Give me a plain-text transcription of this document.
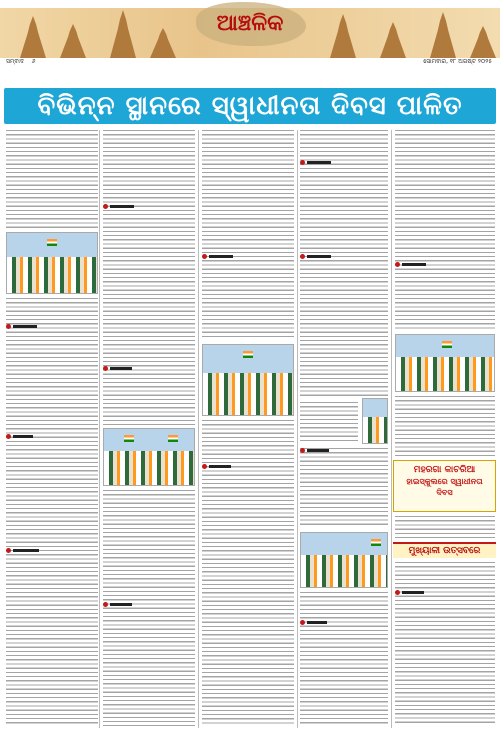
ଆଞ୍ଚଳିକ
ସମ୍ବାଦ ୬	ସୋମବାର, ୧୮ ଅଗଷ୍ଟ ୨୦୨୫
ବିଭିନ୍ନ ସ୍ଥାନରେ ସ୍ୱାଧୀନତା ଦିବସ ପାଳିତ
ମହରଗା କାଚରିଆ
ହାଇସ୍କୁଲରେ ସ୍ୱାଧୀନତା ଦିବସ
ମୁଖ୍ୟାଳୀ ଉତ୍ସବରେ
